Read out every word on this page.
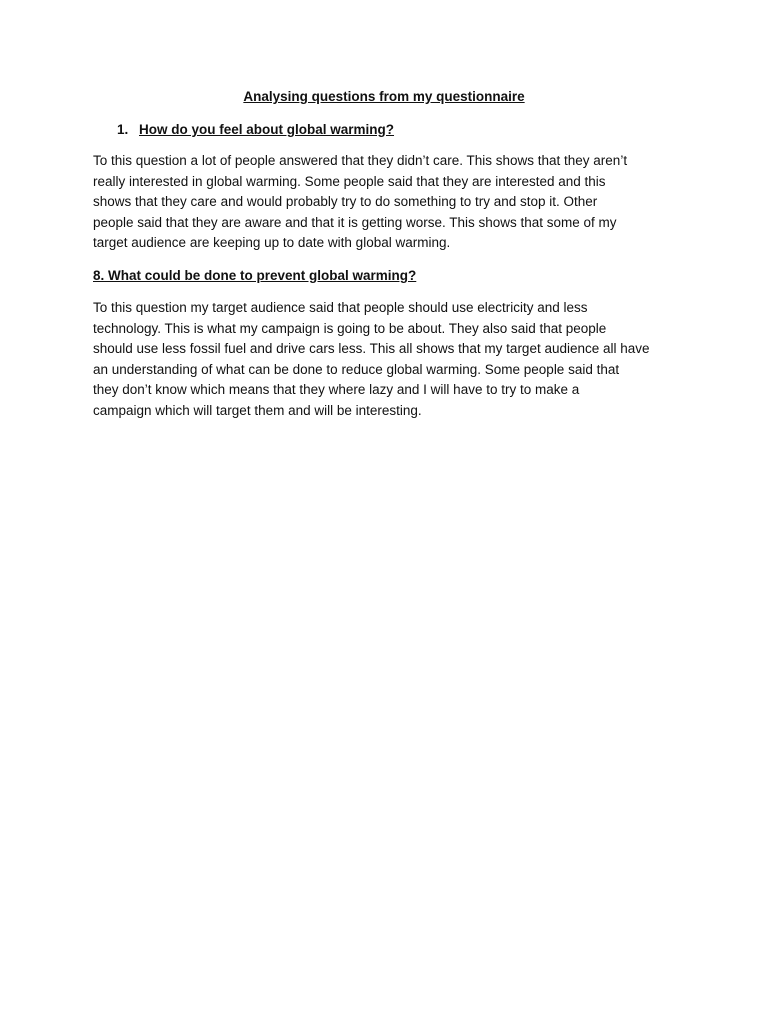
Analysing questions from my questionnaire
1. How do you feel about global warming?
To this question a lot of people answered that they didn’t care. This shows that they aren’t
really interested in global warming. Some people said that they are interested and this
shows that they care and would probably try to do something to try and stop it. Other
people said that they are aware and that it is getting worse. This shows that some of my
target audience are keeping up to date with global warming.
8. What could be done to prevent global warming?
To this question my target audience said that people should use electricity and less
technology. This is what my campaign is going to be about. They also said that people
should use less fossil fuel and drive cars less. This all shows that my target audience all have
an understanding of what can be done to reduce global warming. Some people said that
they don’t know which means that they where lazy and I will have to try to make a
campaign which will target them and will be interesting.
